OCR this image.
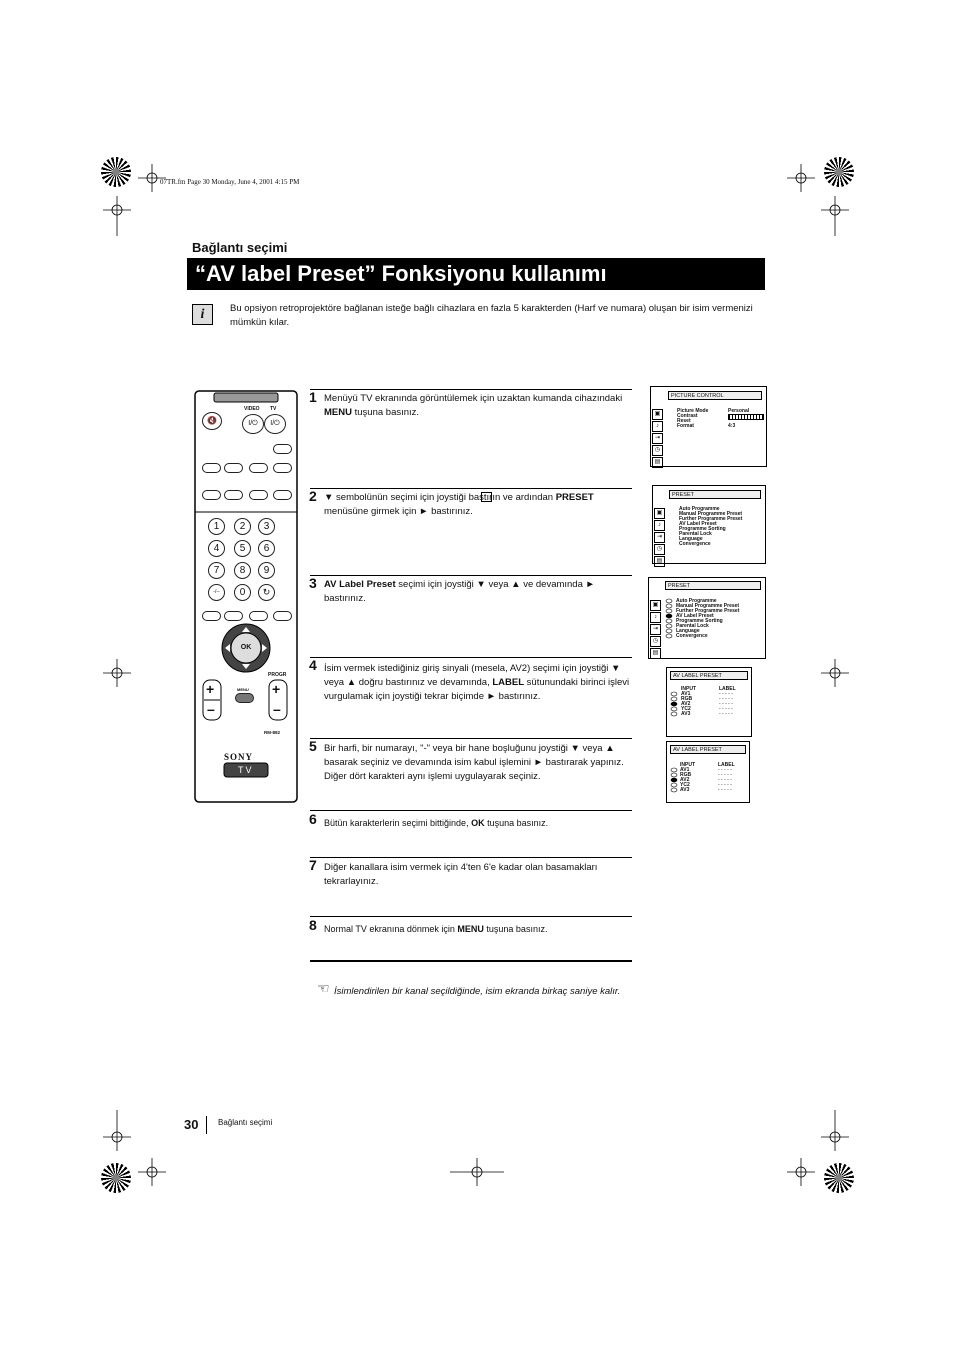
07TR.fm Page 30 Monday, June 4, 2001 4:15 PM
Bağlantı seçimi
“AV label Preset” Fonksiyonu kullanımı
i	Bu opsiyon retroprojektöre bağlanan isteğe bağlı cihazlara en fazla 5 karakterden (Harf ve numara) oluşan bir isim vermenizi mümkün kılar.
VIDEO TV
🔇	I/⏻	I/⏻
1	2	3
4	5	6
7	8	9
-/--	0	↻
OK
+
–
PROGR
+
–
MENU
RM-892
SONY
TV
1 Menüyü TV ekranında görüntülemek için uzaktan kumanda cihazındaki MENU tuşuna basınız.
2 ▼ sembolünün seçimi için joystiği bastırın ve ardından PRESET menüsüne girmek için ► bastırınız.
3 AV Label Preset seçimi için joystiği ▼ veya ▲ ve devamında ► bastırınız.
4 İsim vermek istediğiniz giriş sinyali (mesela, AV2) seçimi için joystiği ▼ veya ▲ doğru bastırınız ve devamında, LABEL sütunundaki birinci işlevi vurgulamak için joystiği tekrar biçimde ► bastırınız.
5 Bir harfi, bir numarayı, "-" veya bir hane boşluğunu joystiği ▼ veya ▲ basarak seçiniz ve devamında isim kabul işlemini ► bastırarak yapınız. Diğer dört karakteri aynı işlemi uygulayarak seçiniz.
6 Bütün karakterlerin seçimi bittiğinde, OK tuşuna basınız.
7 Diğer kanallara isim vermek için 4'ten 6'e kadar olan basamakları tekrarlayınız.
8 Normal TV ekranına dönmek için MENU tuşuna basınız.
☜ İsimlendirilen bir kanal seçildiğinde, isim ekranda birkaç saniye kalır.
▣
♪
⇥
◷
▤
PICTURE CONTROL
Picture Mode	Personal
Contrast
Reset
Format	4:3
▣
♪
⇥
◷
▤
PRESET
Auto Programme
Manual Programme Preset
Further Programme Preset
AV Label Preset
Programme Sorting
Parental Lock
Language
Convergence
▣
♪
⇥
◷
▤
PRESET
Auto Programme
Manual Programme Preset
Further Programme Preset
AV Label Preset
Programme Sorting
Parental Lock
Language
Convergence
AV LABEL PRESET
INPUT	LABEL
AV1
RGB
AV2
YC2
AV3
- - - - -
- - - - -
- - - - -
- - - - -
- - - - -
AV LABEL PRESET
INPUT	LABEL
AV1
RGB
AV2
YC2
AV3
- - - - -
- - - - -
- - - - -
- - - - -
- - - - -
30 Bağlantı seçimi
